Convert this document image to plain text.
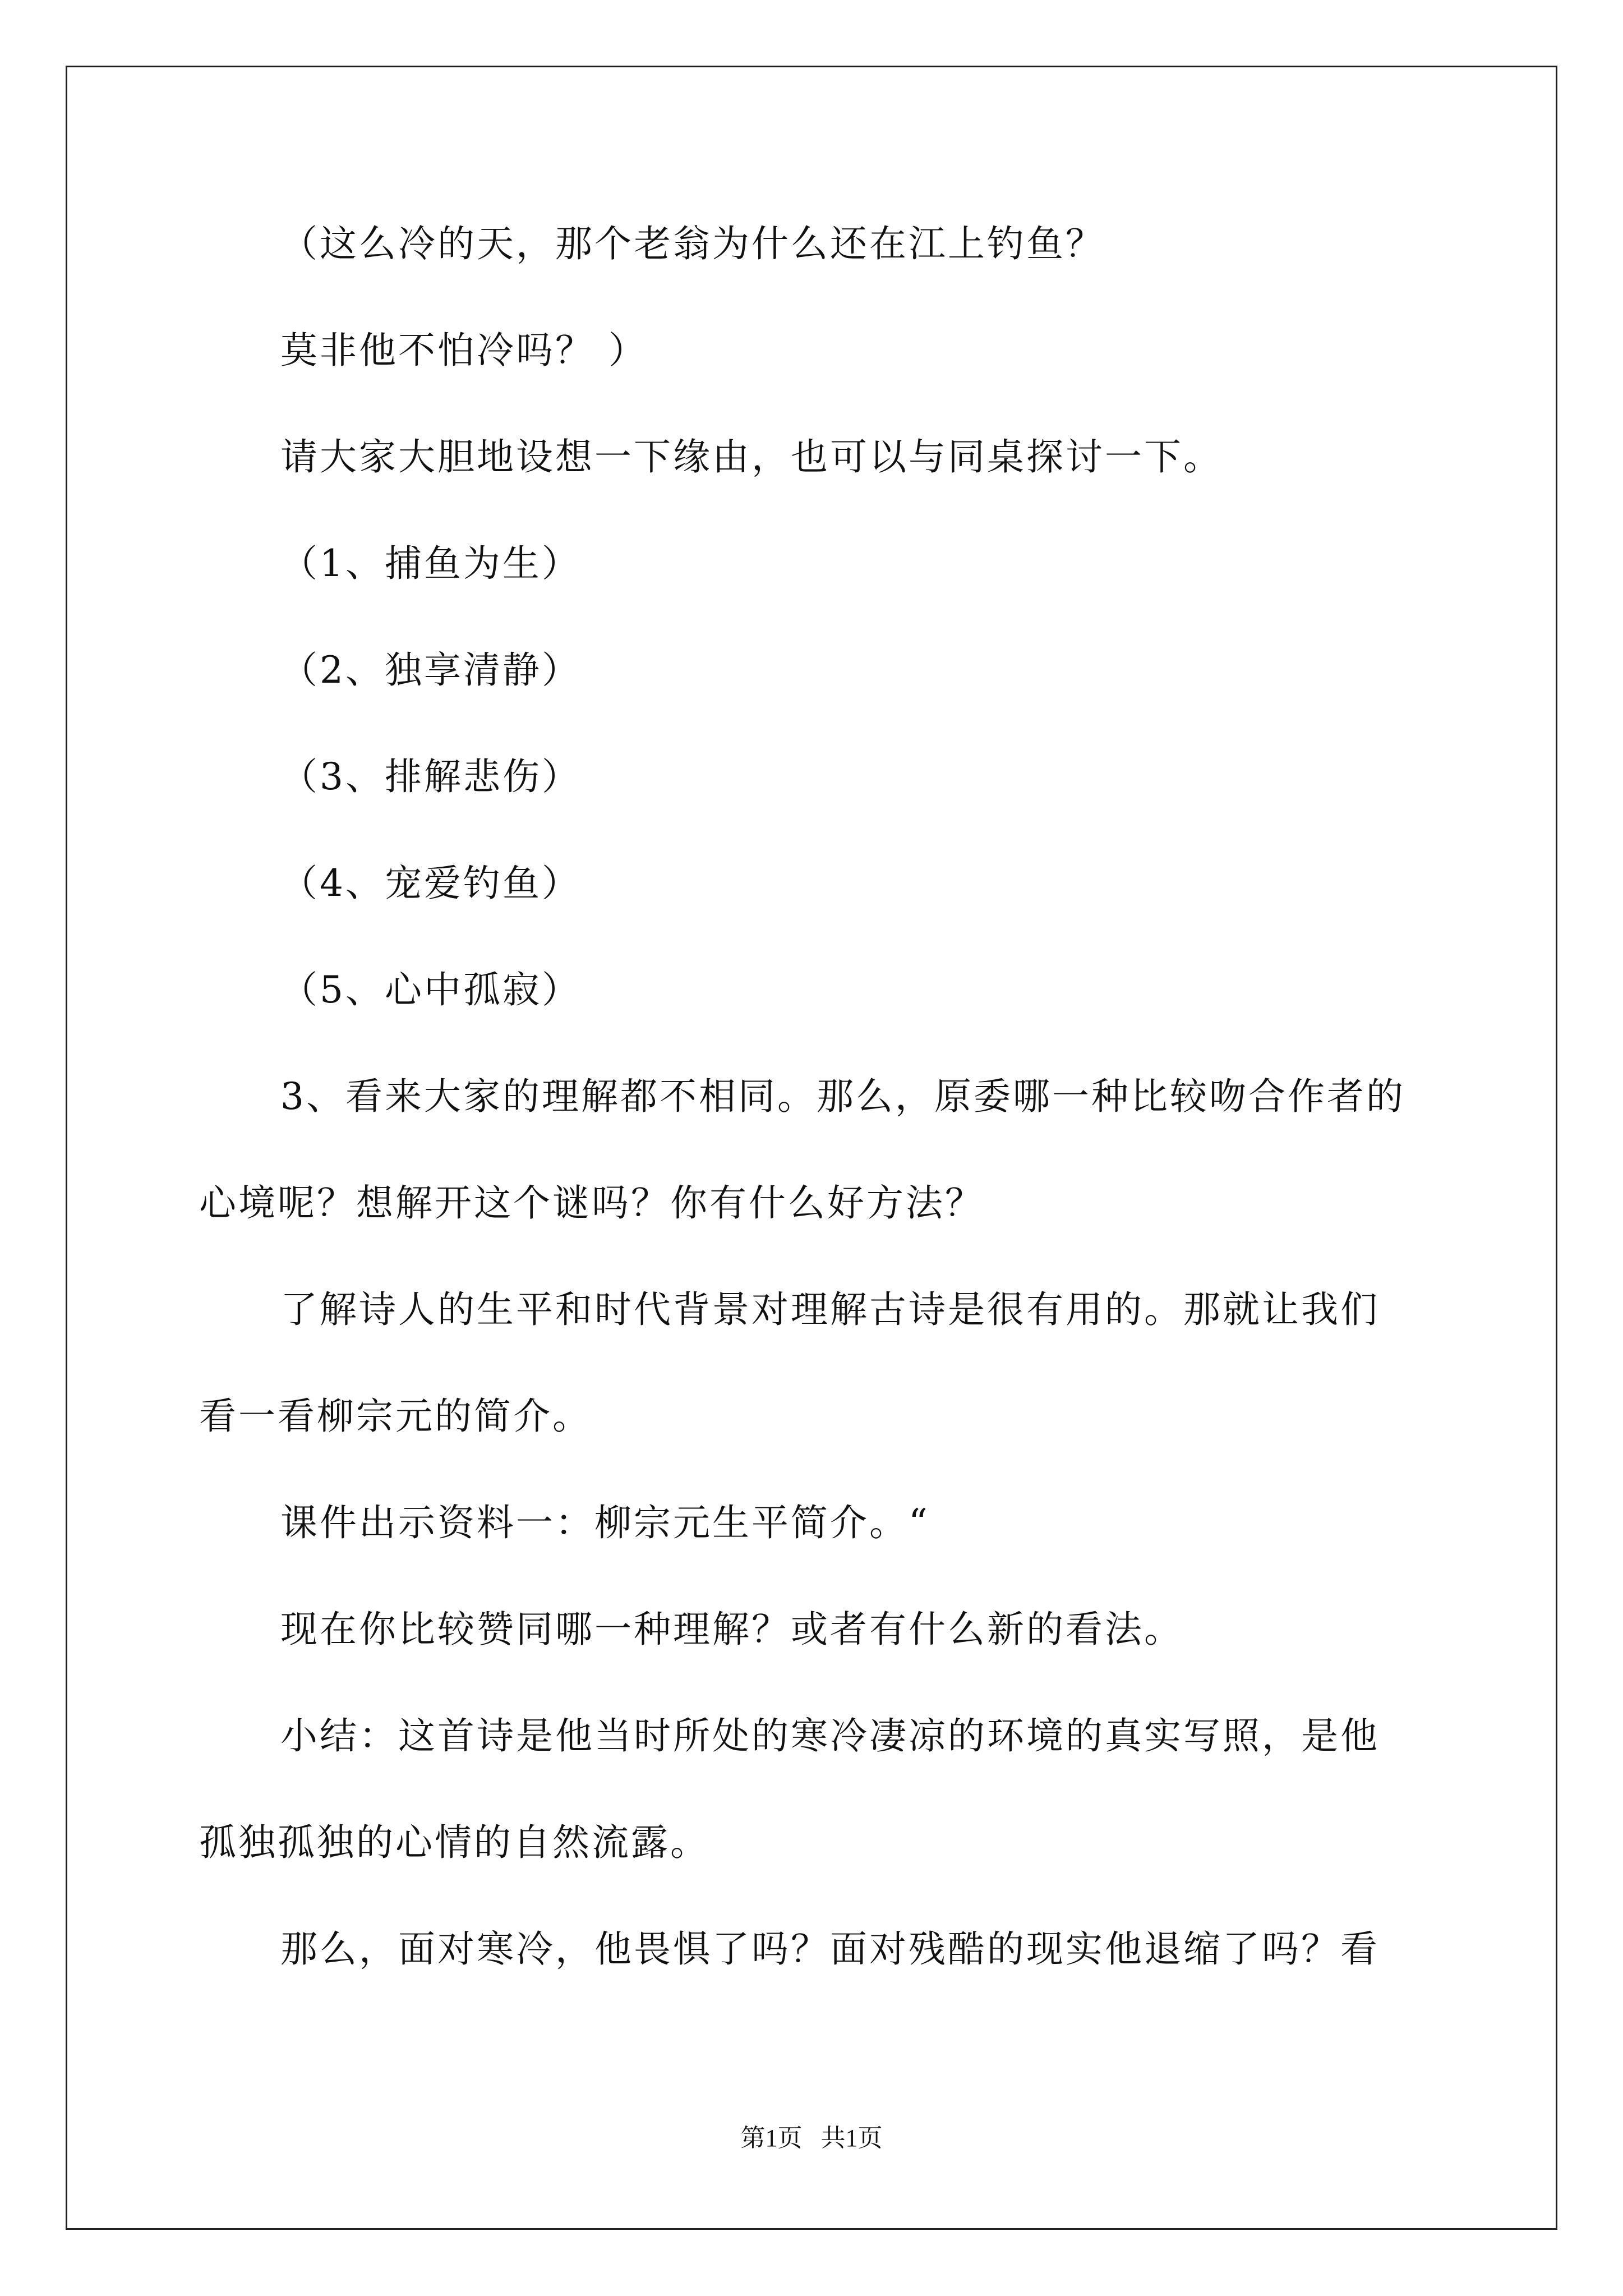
（这么冷的天，那个老翁为什么还在江上钓鱼？
莫非他不怕冷吗？ ）
请大家大胆地设想一下缘由，也可以与同桌探讨一下。
（1、捕鱼为生）
（2、独享清静）
（3、排解悲伤）
（4、宠爱钓鱼）
（5、心中孤寂）
3、看来大家的理解都不相同。那么，原委哪一种比较吻合作者的
心境呢？想解开这个谜吗？你有什么好方法？
了解诗人的生平和时代背景对理解古诗是很有用的。那就让我们
看一看柳宗元的简介。
课件出示资料一：柳宗元生平简介。“
现在你比较赞同哪一种理解？或者有什么新的看法。
小结：这首诗是他当时所处的寒冷凄凉的环境的真实写照，是他
孤独孤独的心情的自然流露。
那么，面对寒冷，他畏惧了吗？面对残酷的现实他退缩了吗？看
第1页   共1页
